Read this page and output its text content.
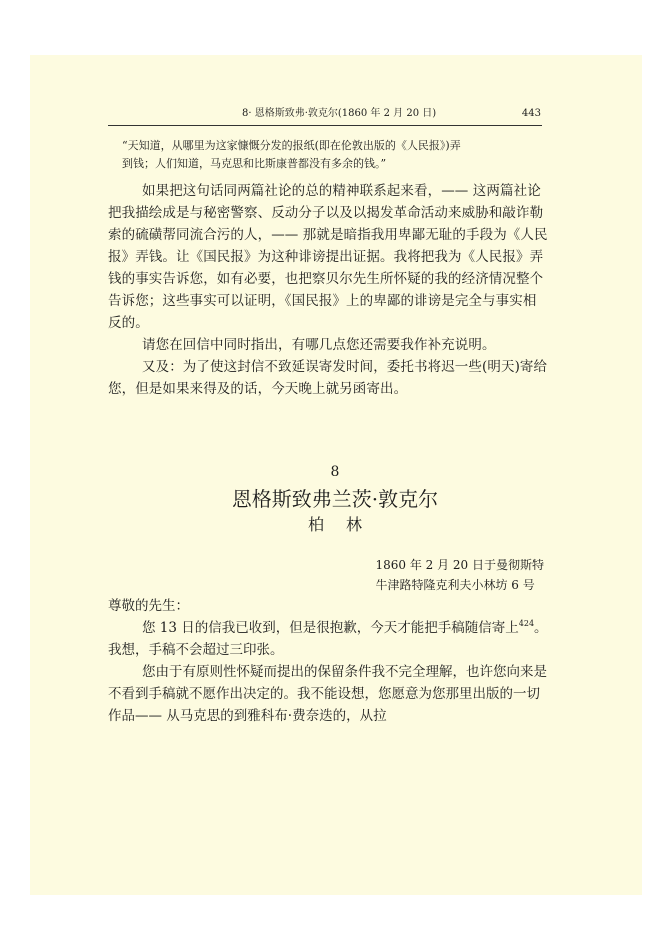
8· 恩格斯致弗·敦克尔(1860 年 2 月 20 日)	443

“天知道，从哪里为这家慷慨分发的报纸(即在伦敦出版的《人民报》)弄

到钱；人们知道，马克思和比斯康普都没有多余的钱。”

如果把这句话同两篇社论的总的精神联系起来看，—— 这两篇社论把我描绘成是与秘密警察、反动分子以及以揭发革命活动来威胁和敲诈勒索的硫磺帮同流合污的人，—— 那就是暗指我用卑鄙无耻的手段为《人民报》弄钱。让《国民报》为这种诽谤提出证据。我将把我为《人民报》弄钱的事实告诉您，如有必要，也把察贝尔先生所怀疑的我的经济情况整个告诉您；这些事实可以证明，《国民报》上的卑鄙的诽谤是完全与事实相反的。

请您在回信中同时指出，有哪几点您还需要我作补充说明。

又及：为了使这封信不致延误寄发时间，委托书将迟一些(明天)寄给您，但是如果来得及的话，今天晚上就另函寄出。

8
恩格斯致弗兰茨·敦克尔
柏林

1860 年 2 月 20 日于曼彻斯特

牛津路特隆克利夫小林坊 6 号

尊敬的先生：

您 13 日的信我已收到，但是很抱歉，今天才能把手稿随信寄上$^{424}$。我想，手稿不会超过三印张。

您由于有原则性怀疑而提出的保留条件我不完全理解，也许您向来是不看到手稿就不愿作出决定的。我不能设想，您愿意为您那里出版的一切作品—— 从马克思的到雅科布·费奈迭的，从拉
